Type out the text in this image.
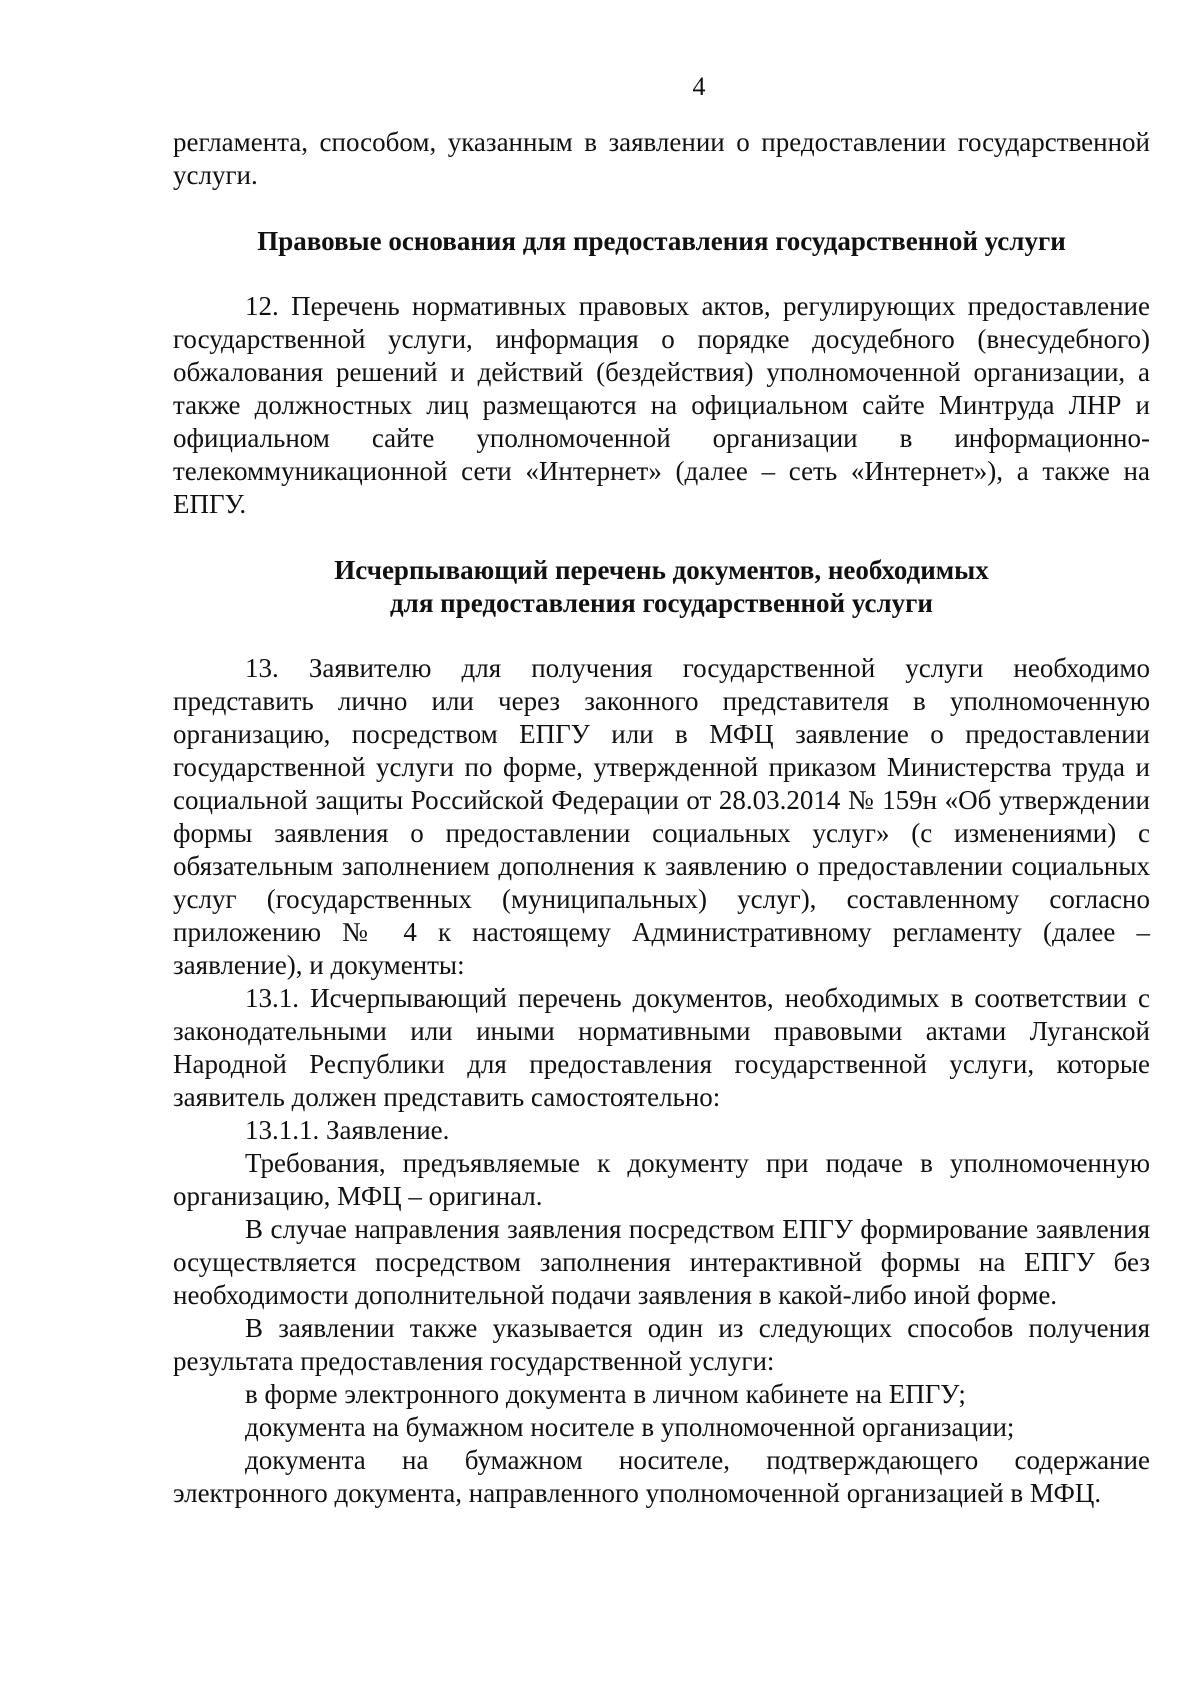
4

регламента, способом, указанным в заявлении о предоставлении государственной услуги.

Правовые основания для предоставления государственной услуги

12. Перечень нормативных правовых актов, регулирующих предоставление государственной услуги, информация о порядке досудебного (внесудебного) обжалования решений и действий (бездействия) уполномоченной организации, а также должностных лиц размещаются на официальном сайте Минтруда ЛНР и официальном сайте уполномоченной организации в информационно-телекоммуникационной сети «Интернет» (далее – сеть «Интернет»), а также на ЕПГУ.

Исчерпывающий перечень документов, необходимых
для предоставления государственной услуги

13. Заявителю для получения государственной услуги необходимо представить лично или через законного представителя в уполномоченную организацию, посредством ЕПГУ или в МФЦ заявление о предоставлении государственной услуги по форме, утвержденной приказом Министерства труда и социальной защиты Российской Федерации от 28.03.2014 № 159н «Об утверждении формы заявления о предоставлении социальных услуг» (с изменениями) с обязательным заполнением дополнения к заявлению о предоставлении социальных услуг (государственных (муниципальных) услуг), составленному согласно приложению № 4 к настоящему Административному регламенту (далее – заявление), и документы:

13.1. Исчерпывающий перечень документов, необходимых в соответствии с законодательными или иными нормативными правовыми актами Луганской Народной Республики для предоставления государственной услуги, которые заявитель должен представить самостоятельно:

13.1.1. Заявление.

Требования, предъявляемые к документу при подаче в уполномоченную организацию, МФЦ – оригинал.

В случае направления заявления посредством ЕПГУ формирование заявления осуществляется посредством заполнения интерактивной формы на ЕПГУ без необходимости дополнительной подачи заявления в какой-либо иной форме.

В заявлении также указывается один из следующих способов получения результата предоставления государственной услуги:

в форме электронного документа в личном кабинете на ЕПГУ;

документа на бумажном носителе в уполномоченной организации;

документа на бумажном носителе, подтверждающего содержание электронного документа, направленного уполномоченной организацией в МФЦ.
